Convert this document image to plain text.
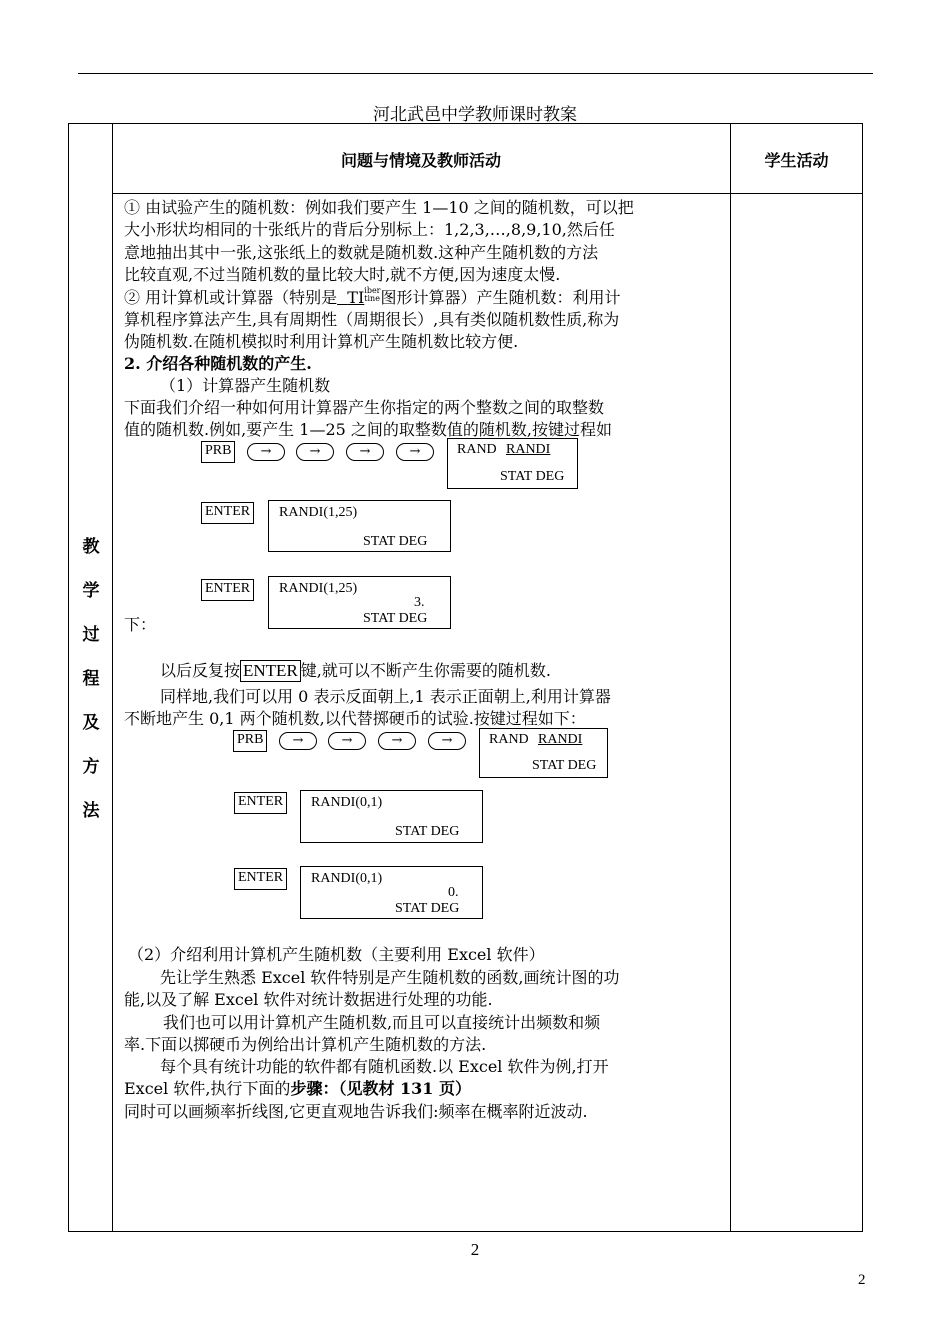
河北武邑中学教师课时教案
问题与情境及教师活动	学生活动
教
学
过
程
及
方
法
① 由试验产生的随机数：例如我们要产生 1—10 之间的随机数，可以把
大小形状均相同的十张纸片的背后分别标上：1,2,3,…,8,9,10,然后任
意地抽出其中一张,这张纸上的数就是随机数.这种产生随机数的方法
比较直观,不过当随机数的量比较大时,就不方便,因为速度太慢.
② 用计算机或计算器（特别是 TIiber
tine图形计算器）产生随机数：利用计
算机程序算法产生,具有周期性（周期很长）,具有类似随机数性质,称为
伪随机数.在随机模拟时利用计算机产生随机数比较方便.
2. 介绍各种随机数的产生.
（1）计算器产生随机数
下面我们介绍一种如何用计算器产生你指定的两个整数之间的取整数
值的随机数.例如,要产生 1—25 之间的取整数值的随机数,按键过程如
PRB	→	→	→	→	RAND RANDI
STAT DEG
ENTER RANDI(1,25)
STAT DEG
ENTER RANDI(1,25)
3.
STAT DEG
下：
以后反复按 ENTER 键,就可以不断产生你需要的随机数.
同样地,我们可以用 0 表示反面朝上,1 表示正面朝上,利用计算器
不断地产生 0,1 两个随机数,以代替掷硬币的试验.按键过程如下：
PRB	→	→	→	→	RAND RANDI
STAT DEG
ENTER RANDI(0,1)
STAT DEG
ENTER RANDI(0,1)
0.
STAT DEG
（2）介绍利用计算机产生随机数（主要利用 Excel 软件）
先让学生熟悉 Excel 软件特别是产生随机数的函数,画统计图的功
能,以及了解 Excel 软件对统计数据进行处理的功能.
我们也可以用计算机产生随机数,而且可以直接统计出频数和频
率.下面以掷硬币为例给出计算机产生随机数的方法.
每个具有统计功能的软件都有随机函数.以 Excel 软件为例,打开
Excel 软件,执行下面的步骤：（见教材 131 页）
同时可以画频率折线图,它更直观地告诉我们:频率在概率附近波动.
2
2
